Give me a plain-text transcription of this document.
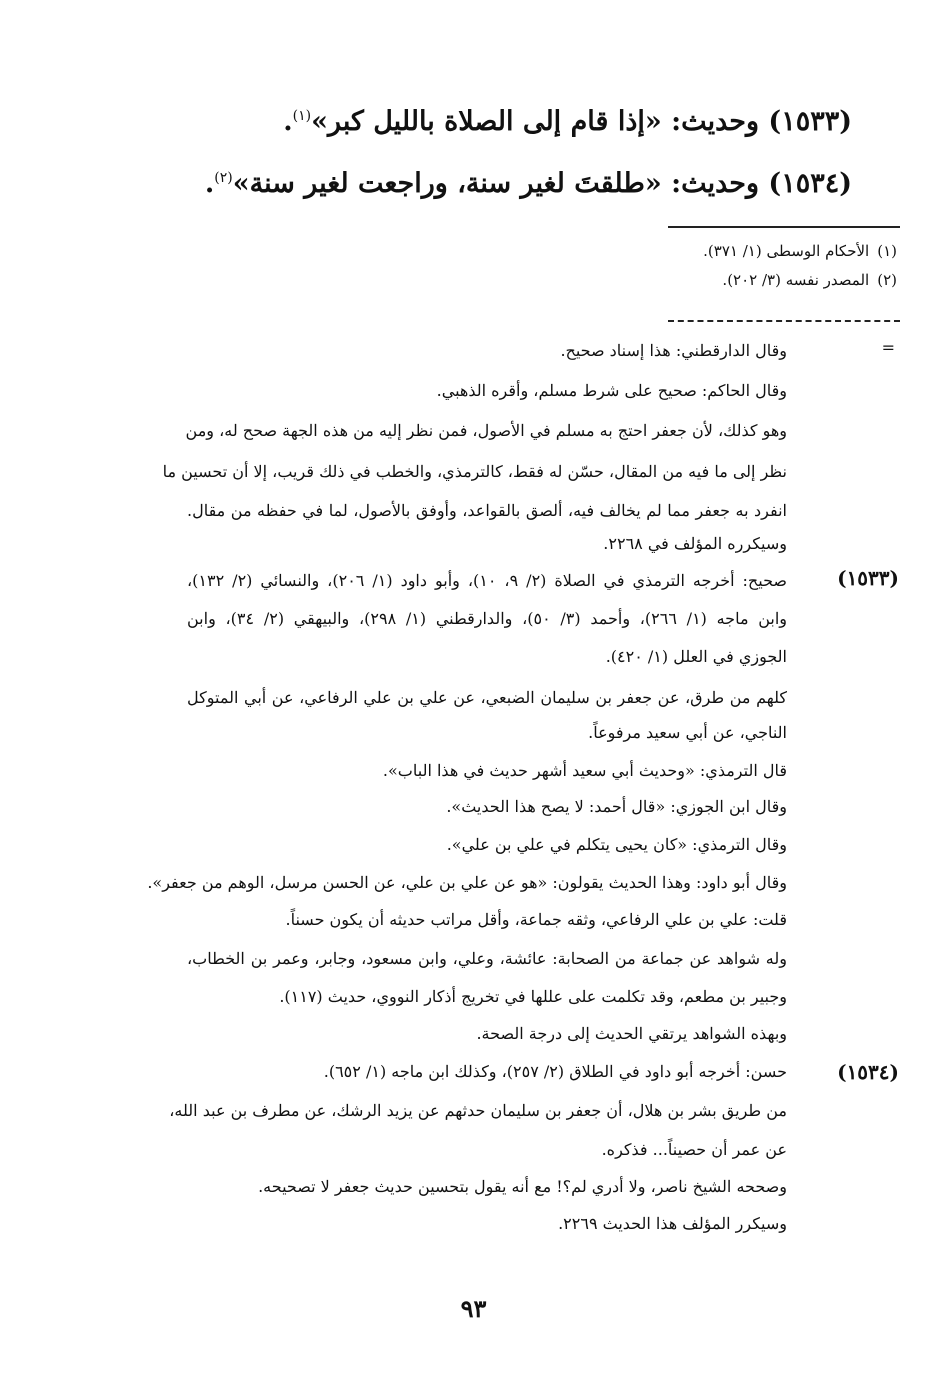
(١٥٣٣) وحديث: «إذا قام إلى الصلاة بالليل كبر»$^{(١)}$.
(١٥٣٤) وحديث: «طلقتَ لغير سنة، وراجعت لغير سنة»$^{(٢)}$.
(١)الأحكام الوسطى (١/ ٣٧١).
(٢)المصدر نفسه (٣/ ٢٠٢).
=
(١٥٣٣)
(١٥٣٤)
وقال الدارقطني: هذا إسناد صحيح.
وقال الحاكم: صحيح على شرط مسلم، وأقره الذهبي.
وهو كذلك، لأن جعفر احتج به مسلم في الأصول، فمن نظر إليه من هذه الجهة صحح له، ومن
نظر إلى ما فيه من المقال، حسّن له فقط، كالترمذي، والخطب في ذلك قريب، إلا أن تحسين ما
انفرد به جعفر مما لم يخالف فيه، ألصق بالقواعد، وأوفق بالأصول، لما في حفظه من مقال.
وسيكرره المؤلف في ٢٢٦٨.
صحيح: أخرجه الترمذي في الصلاة (٢/ ٩، ١٠)، وأبو داود (١/ ٢٠٦)، والنسائي (٢/ ١٣٢)،
وابن ماجه (١/ ٢٦٦)، وأحمد (٣/ ٥٠)، والدارقطني (١/ ٢٩٨)، والبيهقي (٢/ ٣٤)، وابن
الجوزي في العلل (١/ ٤٢٠).
كلهم من طرق، عن جعفر بن سليمان الضبعي، عن علي بن علي الرفاعي، عن أبي المتوكل
الناجي، عن أبي سعيد مرفوعاً.
قال الترمذي: «وحديث أبي سعيد أشهر حديث في هذا الباب».
وقال ابن الجوزي: «قال أحمد: لا يصح هذا الحديث».
وقال الترمذي: «كان يحيى يتكلم في علي بن علي».
وقال أبو داود: وهذا الحديث يقولون: «هو عن علي بن علي، عن الحسن مرسل، الوهم من جعفر».
قلت: علي بن علي الرفاعي، وثقه جماعة، وأقل مراتب حديثه أن يكون حسناً.
وله شواهد عن جماعة من الصحابة: عائشة، وعلي، وابن مسعود، وجابر، وعمر بن الخطاب،
وجبير بن مطعم، وقد تكلمت على عللها في تخريج أذكار النووي، حديث (١١٧).
وبهذه الشواهد يرتقي الحديث إلى درجة الصحة.
حسن: أخرجه أبو داود في الطلاق (٢/ ٢٥٧)، وكذلك ابن ماجه (١/ ٦٥٢).
من طريق بشر بن هلال، أن جعفر بن سليمان حدثهم عن يزيد الرشك، عن مطرف بن عبد الله،
عن عمر أن حصيناً... فذكره.
وصححه الشيخ ناصر، ولا أدري لم؟! مع أنه يقول بتحسين حديث جعفر لا تصحيحه.
وسيكرر المؤلف هذا الحديث ٢٢٦٩.
٩٣
